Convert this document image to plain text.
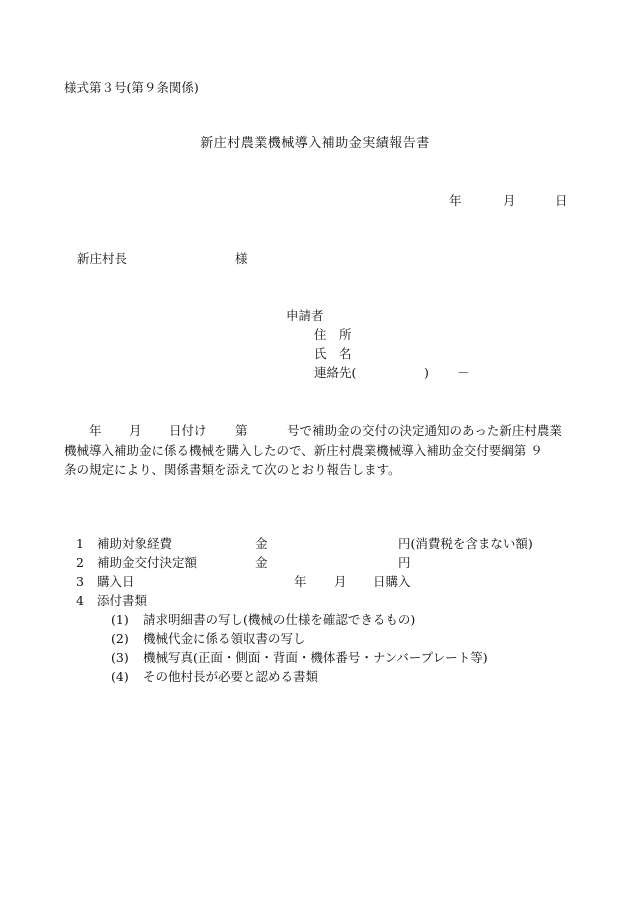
様式第３号(第９条関係)
新庄村農業機械導入補助金実績報告書
年	月	日
新庄村長	様
申請者
住　所
氏　名
連絡先(	) －
年 月 日付け 第	号で補助金の交付の決定通知のあった新庄村農業
機械導入補助金に係る機械を購入したので、新庄村農業機械導入補助金交付要綱第 ９
条の規定により、関係書類を添えて次のとおり報告します。
1 補助対象経費	金	円(消費税を含まない額)
2 補助金交付決定額	金	円
3 購入日	年 月 日購入
4 添付書類
(1) 請求明細書の写し(機械の仕様を確認できるもの)
(2) 機械代金に係る領収書の写し
(3) 機械写真(正面・側面・背面・機体番号・ナンバープレート等)
(4) その他村長が必要と認める書類
